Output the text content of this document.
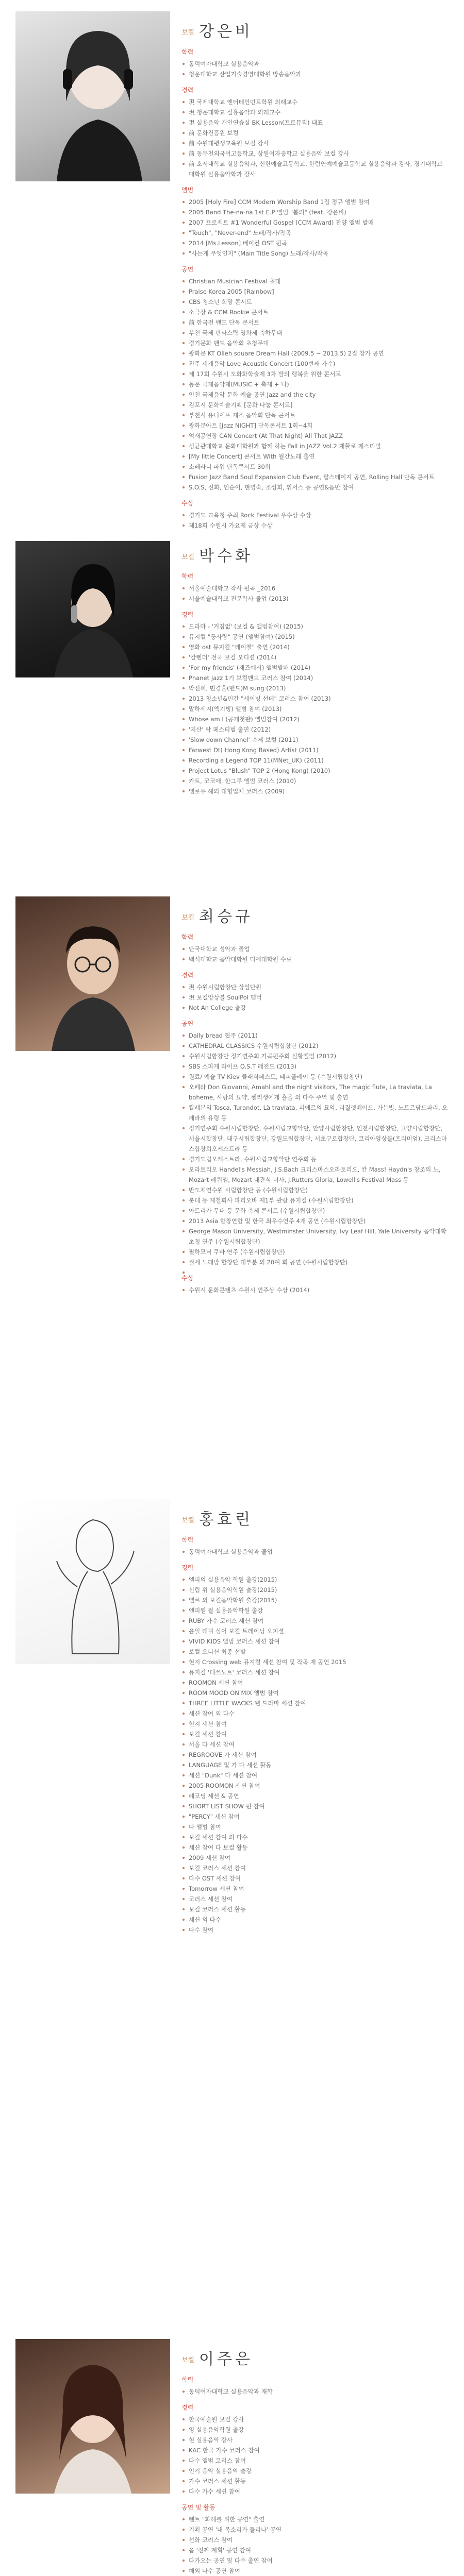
보컬 강은비
학력
동덕여자대학교 실용음악과
청운대학교 산업기술경영대학원 방송음악과
경력
現 국제대학교 엔터테인먼트학원 외래교수
現 청운대학교 실용음악과 외래교수
現 실용음악 개인연습실 BK Lesson(프로뮤직) 대표
前 문화진흥원 보컬
前 수원대평생교육원 보컬 강사
前 동두천외국어고등학교, 상원여자중학교 실용음악 보컬 강사
前 호서대학교 실용음악과, 신한예술고등학교, 한림연예예술고등학교 실용음악과 강사, 경기대학교 대학원 실용음악학과 강사
앨범
2005 [Holy Fire] CCM Modern Worship Band 1집 정규 앨범 참여
2005 Band The-na-na 1st E.P 앨범 "봄의" (feat. 강은비)
2007 프로젝트 #1 Wonderful Gospel (CCM Award) 찬양 앨범 발매
"Touch", "Never-end" 노래/작사/작곡
2014 [Ms.Lesson] 베이컨 OST 편곡
"사는게 무엇인지" (Main Title Song) 노래/작사/작곡
공연
Christian Musician Festival 초대
Praise Korea 2005 [Rainbow]
CBS 청소년 희망 콘서트
소극장 & CCM Rookie 콘서트
前 한국전 밴드 단독 콘서트
부천 국제 판타스틱 영화제 축하무대
경기문화 밴드 음악회 초청무대
광화문 KT Olleh square Dream Hall (2009.5 ~ 2013.5) 2집 참가 공연
전주 세계음악 Love Acoustic Concert (100번째 가수)
제 17회 수원시 도화화학술제 3차 발의 행복을 위한 콘서트
동문 국제음악제(MUSIC + 축제 + 나)
인천 국제음악 문화 예술 공연 Jazz and the city
김포시 문화예술기획 [문화 나눔 콘서트]
부천시 유니세프 재즈 음악회 단독 콘서트
광화문아트 [Jazz NIGHT] 단독콘서트 1회~4회
억새공연장 CAN Concert (At That Night) All That JAZZ
성균관대학교 문화대학원과 함께 하는 Fall in JAZZ Vol.2 재활로 페스티벌
[My little Concert] 콘서트 With 월간노래 출연
소페라니 파워 단독콘서트 30회
Fusion Jazz Band Soul Expansion Club Event, 팝스테이지 공연, Rolling Hall 단독 콘서트
S.O.S, 신화, 인순이, 현명숙, 조성희, 휘서스 등 공연&음반 참여
수상
경기도 교육청 주최 Rock Festival 우수상 수상
제18회 수원시 가요제 금상 수상
보컬 박수화
학력
서울예술대학교 작사·편곡 _2016
서울예술대학교 전문학사 졸업 (2013)
경력
드라마 - '거침없' (보컬 & 앨범참여) (2015)
뮤지컬 "둥사랑" 공연 (앨범참여) (2015)
영화 ost 뮤지컬 "레이첼" 출연 (2014)
'칼렌더' 전국 보컬 오디션 (2014)
'For my friends' (재즈에서) 앨범발매 (2014)
Phanet Jazz 1기 보컬밴드 코러스 참여 (2014)
박신혜, 민경훈(밴드)M sung (2013)
2013 청소년&민간 "세이빙 선데" 코러스 참여 (2013)
말하세지(엑기빙) 앨범 참여 (2013)
Whose am I (공개첫판) 앨범참여 (2012)
'지산' 락 페스티벌 출연 (2012)
'Slow down Channel' 축제 보컬 (2011)
Farwest Dt( Hong Kong Based) Artist (2011)
Recording a Legend TOP 11(MNet_UK) (2011)
Project Lotus "Blush" TOP 2 (Hong Kong) (2010)
카트, 코코에, 한그루 앨범 코러스 (2010)
엠로우 해외 대형업체 코러스 (2009)
보컬 최승규
학력
단국대학교 성악과 졸업
백석대학교 음악대학원 디에대학원 수료
경력
現 수원시립합창단 상임단원
現 보컬앙상블 SoulPol 멤버
Not An College 출강
공연
Daily bread 협주 (2011)
CATHEDRAL CLASSICS 수원시립합창단 (2012)
수원시립합창단 정기연주회 가곡편주회 실황앨범 (2012)
SBS 스파게 라이프 O.S.T 레전드 (2013)
원료/ 예술 TV Kiev 클래식페스트, 태피플레이 등 (수원시립합창단)
오페라 Don Giovanni, Amahl and the night visitors, The magic flute, La traviata, La boheme, 사랑의 묘약, 헨리생에게 흘을 외 다수 주역 및 출연
칼레본의 Tosca, Turandot, Lä traviata, 피에르의 묘약, 리질렛베이드, 가는빛, 노트르담드파리, 오페라의 유령 등
정기연주회 수원시립합창단, 수원시립교향악단, 안양시립합창단, 인천시립합창단, 고양시립합창단, 서울시합창단, 대구시립합창단, 강원도립합창단, 서초구로합창단, 코리아앙상블(프리미엄), 크리스마스합창회오케스트라 등
경기도립오케스트라, 수원시립교향악단 연주회 등
오라토리오 Handel's Messiah, J.S.Bach 크리스마스오라토리오, 칸 Mass! Haydn's 창조의 노, Mozart 레퀴엠, Mozart 대관식 미사, J.Rutters Gloria, Lowell's Festival Mass 등
반도체연수원 시립합창단 등 (수원시립합창단)
롯데 등 제철회사 파리오바 제1부 관람 뮤지컬 (수원시립합창단)
아트리카 무대 등 문화 축제 콘서트 (수원시립합창단)
2013 Asia 합창연합 및 한국 최우수연주 4개 공연 (수원시립합창단)
George Mason University, Westminster University, Ivy Leaf Hill, Yale University 음악대학 초청 연주 (수원시립합창단)
필하모닉 쿠바 연주 (수원시립합창단)
월세 노래방 합창단 대부분 외 20여 회 공연 (수원시립합창단)
수상
수원시 문화콘텐츠 수원시 연주상 수상 (2014)
보컬 홍효린
학력
동덕여자대학교 실용음악과 졸업
경력
엠피의 실용음악 학원 출강(2015)
신림 위 실용음악학원 출강(2015)
엘르 외 보컬음악학원 출강(2015)
엔피원 월 실용음악학원 출강
RUBY 가수 코러스 세션 참여
윤일 데뷔 싱어 보컬 트레이닝 오피셜
VIVID KIDS 앨범 코러스 세션 참여
보컬 오디션 최종 선발
현지 Crossing web 뮤지컬 세션 참여 및 작곡 재 공연 2015
뮤지컬 '데쓰노트' 코러스 세션 참여
ROOMON 세션 참여
ROOM MOOD ON MIX 앨범 참여
THREE LITTLE WACKS 웹 드라마 세션 참여
세션 참여 외 다수
현지 세션 참여
보컬 세션 참여
서울 다 세션 참여
REGROOVE 가 세션 참여
LANGUAGE 및 가 다 세션 활동
세션 "Dunk" 다 세션 참여
2005 ROOMON 세션 참여
레코딩 세션 & 공연
SHORT LIST SHOW 편 참여
"PERCY" 세션 참여
다 앨범 참여
보컬 세션 참여 외 다수
세션 참여 다 보컬 활동
2009 세션 참여
보컬 코러스 세션 참여
다수 OST 세션 참여
Tomorrow 세션 참여
코러스 세션 참여
보컬 코러스 세션 활동
세션 외 다수
다수 참여
보컬 이주은
학력
동덕여자대학교 실용음악과 재학
경력
한국예술원 보컬 강사
영 실용음악학원 출강
현 실용음악 강사
KAC 한국 가수 코러스 참여
다수 앨범 코러스 참여
인기 음악 실용음악 출강
가수 코러스 세션 활동
다수 가수 세션 참여
공연 및 활동
렌트 "화해를 위한 공연" 출연
기획 공연 '내 목소리가 들리나' 공연
선화 코러스 참여
음 '진짜 계획' 공연 참여
다가오는 공연 및 다수 출연 참여
해외 다수 공연 참여
